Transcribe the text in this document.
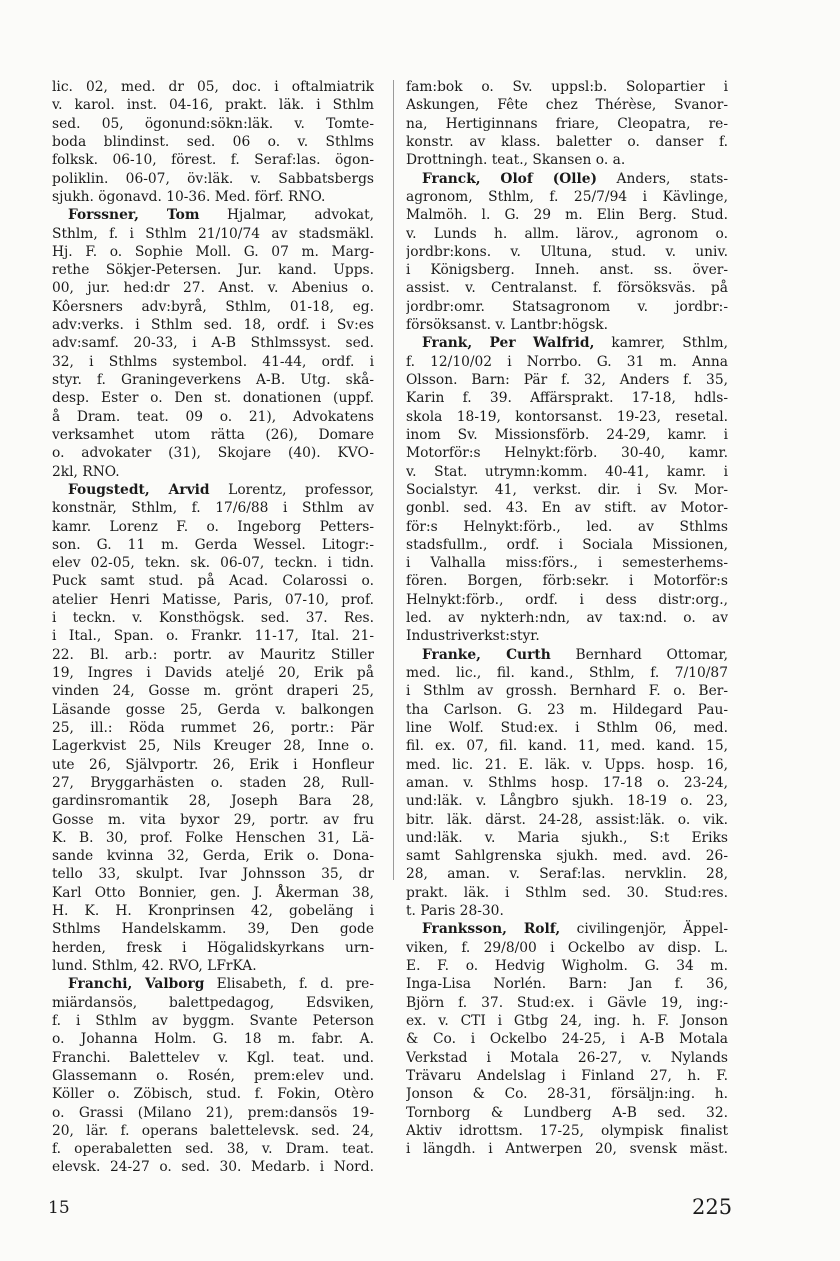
lic. 02, med. dr 05, doc. i oftalmiatrik
v. karol. inst. 04-16, prakt. läk. i Sthlm
sed. 05, ögonund:sökn:läk. v. Tomte-
boda blindinst. sed. 06 o. v. Sthlms
folksk. 06-10, förest. f. Seraf:las. ögon-
poliklin. 06-07, öv:läk. v. Sabbatsbergs
sjukh. ögonavd. 10-36. Med. förf. RNO.
Forssner, Tom Hjalmar, advokat,
Sthlm, f. i Sthlm 21/10/74 av stadsmäkl.
Hj. F. o. Sophie Moll. G. 07 m. Marg-
rethe Sökjer-Petersen. Jur. kand. Upps.
00, jur. hed:dr 27. Anst. v. Abenius o.
Kôersners adv:byrå, Sthlm, 01-18, eg.
adv:verks. i Sthlm sed. 18, ordf. i Sv:es
adv:samf. 20-33, i A-B Sthlmssyst. sed.
32, i Sthlms systembol. 41-44, ordf. i
styr. f. Graningeverkens A-B. Utg. skå-
desp. Ester o. Den st. donationen (uppf.
å Dram. teat. 09 o. 21), Advokatens
verksamhet utom rätta (26), Domare
o. advokater (31), Skojare (40). KVO-
2kl, RNO.
Fougstedt, Arvid Lorentz, professor,
konstnär, Sthlm, f. 17/6/88 i Sthlm av
kamr. Lorenz F. o. Ingeborg Petters-
son. G. 11 m. Gerda Wessel. Litogr:-
elev 02-05, tekn. sk. 06-07, teckn. i tidn.
Puck samt stud. på Acad. Colarossi o.
atelier Henri Matisse, Paris, 07-10, prof.
i teckn. v. Konsthögsk. sed. 37. Res.
i Ital., Span. o. Frankr. 11-17, Ital. 21-
22. Bl. arb.: portr. av Mauritz Stiller
19, Ingres i Davids ateljé 20, Erik på
vinden 24, Gosse m. grönt draperi 25,
Läsande gosse 25, Gerda v. balkongen
25, ill.: Röda rummet 26, portr.: Pär
Lagerkvist 25, Nils Kreuger 28, Inne o.
ute 26, Självportr. 26, Erik i Honfleur
27, Bryggarhästen o. staden 28, Rull-
gardinsromantik 28, Joseph Bara 28,
Gosse m. vita byxor 29, portr. av fru
K. B. 30, prof. Folke Henschen 31, Lä-
sande kvinna 32, Gerda, Erik o. Dona-
tello 33, skulpt. Ivar Johnsson 35, dr
Karl Otto Bonnier, gen. J. Åkerman 38,
H. K. H. Kronprinsen 42, gobeläng i
Sthlms Handelskamm. 39, Den gode
herden, fresk i Högalidskyrkans urn-
lund. Sthlm, 42. RVO, LFrKA.
Franchi, Valborg Elisabeth, f. d. pre-
miärdansös, balettpedagog, Edsviken,
f. i Sthlm av byggm. Svante Peterson
o. Johanna Holm. G. 18 m. fabr. A.
Franchi. Balettelev v. Kgl. teat. und.
Glassemann o. Rosén, prem:elev und.
Köller o. Zöbisch, stud. f. Fokin, Otèro
o. Grassi (Milano 21), prem:dansös 19-
20, lär. f. operans balettelevsk. sed. 24,
f. operabaletten sed. 38, v. Dram. teat.
elevsk. 24-27 o. sed. 30. Medarb. i Nord.
fam:bok o. Sv. uppsl:b. Solopartier i
Askungen, Fête chez Thérèse, Svanor-
na, Hertiginnans friare, Cleopatra, re-
konstr. av klass. baletter o. danser f.
Drottningh. teat., Skansen o. a.
Franck, Olof (Olle) Anders, stats-
agronom, Sthlm, f. 25/7/94 i Kävlinge,
Malmöh. l. G. 29 m. Elin Berg. Stud.
v. Lunds h. allm. lärov., agronom o.
jordbr:kons. v. Ultuna, stud. v. univ.
i Königsberg. Inneh. anst. ss. över-
assist. v. Centralanst. f. försöksväs. på
jordbr:omr. Statsagronom v. jordbr:-
försöksanst. v. Lantbr:högsk.
Frank, Per Walfrid, kamrer, Sthlm,
f. 12/10/02 i Norrbo. G. 31 m. Anna
Olsson. Barn: Pär f. 32, Anders f. 35,
Karin f. 39. Affärsprakt. 17-18, hdls-
skola 18-19, kontorsanst. 19-23, resetal.
inom Sv. Missionsförb. 24-29, kamr. i
Motorför:s Helnykt:förb. 30-40, kamr.
v. Stat. utrymn:komm. 40-41, kamr. i
Socialstyr. 41, verkst. dir. i Sv. Mor-
gonbl. sed. 43. En av stift. av Motor-
för:s Helnykt:förb., led. av Sthlms
stadsfullm., ordf. i Sociala Missionen,
i Valhalla miss:förs., i semesterhems-
fören. Borgen, förb:sekr. i Motorför:s
Helnykt:förb., ordf. i dess distr:org.,
led. av nykterh:ndn, av tax:nd. o. av
Industriverkst:styr.
Franke, Curth Bernhard Ottomar,
med. lic., fil. kand., Sthlm, f. 7/10/87
i Sthlm av grossh. Bernhard F. o. Ber-
tha Carlson. G. 23 m. Hildegard Pau-
line Wolf. Stud:ex. i Sthlm 06, med.
fil. ex. 07, fil. kand. 11, med. kand. 15,
med. lic. 21. E. läk. v. Upps. hosp. 16,
aman. v. Sthlms hosp. 17-18 o. 23-24,
und:läk. v. Långbro sjukh. 18-19 o. 23,
bitr. läk. därst. 24-28, assist:läk. o. vik.
und:läk. v. Maria sjukh., S:t Eriks
samt Sahlgrenska sjukh. med. avd. 26-
28, aman. v. Seraf:las. nervklin. 28,
prakt. läk. i Sthlm sed. 30. Stud:res.
t. Paris 28-30.
Franksson, Rolf, civilingenjör, Äppel-
viken, f. 29/8/00 i Ockelbo av disp. L.
E. F. o. Hedvig Wigholm. G. 34 m.
Inga-Lisa Norlén. Barn: Jan f. 36,
Björn f. 37. Stud:ex. i Gävle 19, ing:-
ex. v. CTI i Gtbg 24, ing. h. F. Jonson
& Co. i Ockelbo 24-25, i A-B Motala
Verkstad i Motala 26-27, v. Nylands
Trävaru Andelslag i Finland 27, h. F.
Jonson & Co. 28-31, försäljn:ing. h.
Tornborg & Lundberg A-B sed. 32.
Aktiv idrottsm. 17-25, olympisk finalist
i längdh. i Antwerpen 20, svensk mäst.
15	225
